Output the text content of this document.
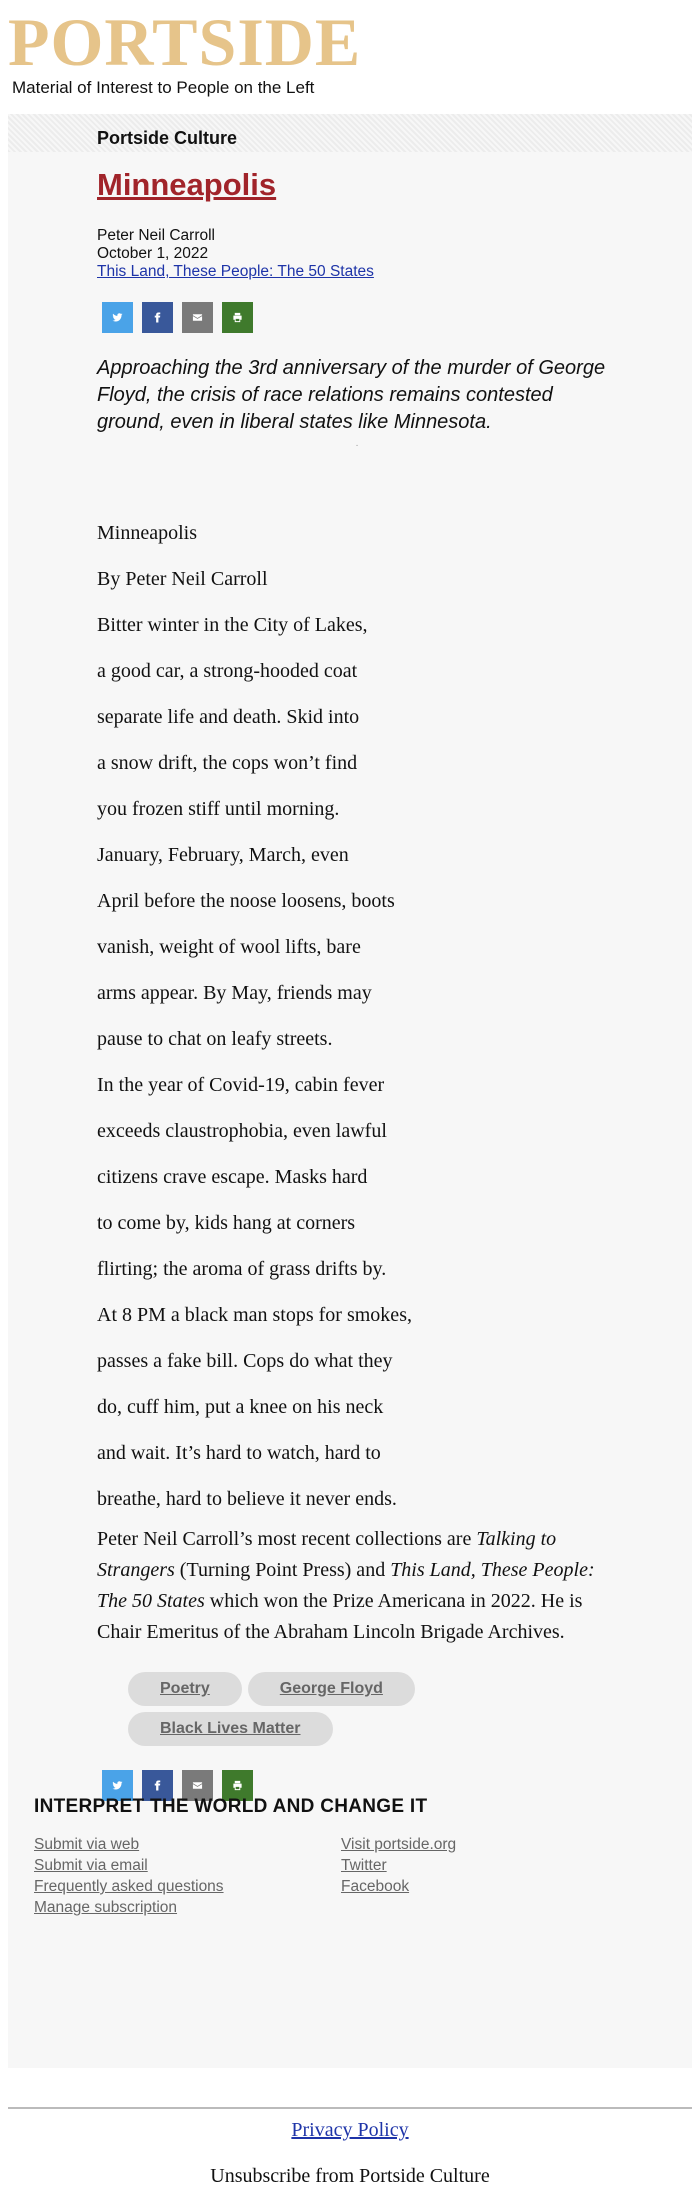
PORTSIDE
Material of Interest to People on the Left
Portside Culture
Minneapolis
Peter Neil Carroll
October 1, 2022
This Land, These People: The 50 States
Approaching the 3rd anniversary of the murder of George Floyd, the crisis of race relations remains contested ground, even in liberal states like Minnesota.
·

Minneapolis

By Peter Neil Carroll

Bitter winter in the City of Lakes,

a good car, a strong-hooded coat

separate life and death. Skid into

a snow drift, the cops won’t find

you frozen stiff until morning.

January, February, March, even

April before the noose loosens, boots

vanish, weight of wool lifts, bare

arms appear. By May, friends may

pause to chat on leafy streets.

In the year of Covid-19, cabin fever

exceeds claustrophobia, even lawful

citizens crave escape. Masks hard

to come by, kids hang at corners

flirting; the aroma of grass drifts by.

At 8 PM a black man stops for smokes,

passes a fake bill. Cops do what they

do, cuff him, put a knee on his neck

and wait. It’s hard to watch, hard to

breathe, hard to believe it never ends.

Peter Neil Carroll’s most recent collections are Talking to Strangers (Turning Point Press) and This Land, These People: The 50 States which won the Prize Americana in 2022. He is Chair Emeritus of the Abraham Lincoln Brigade Archives.
Poetry	George Floyd
Black Lives Matter
INTERPRET THE WORLD AND CHANGE IT
Submit via web
Submit via email
Frequently asked questions
Manage subscription
Visit portside.org
Twitter
Facebook
Privacy Policy
Unsubscribe from Portside Culture
